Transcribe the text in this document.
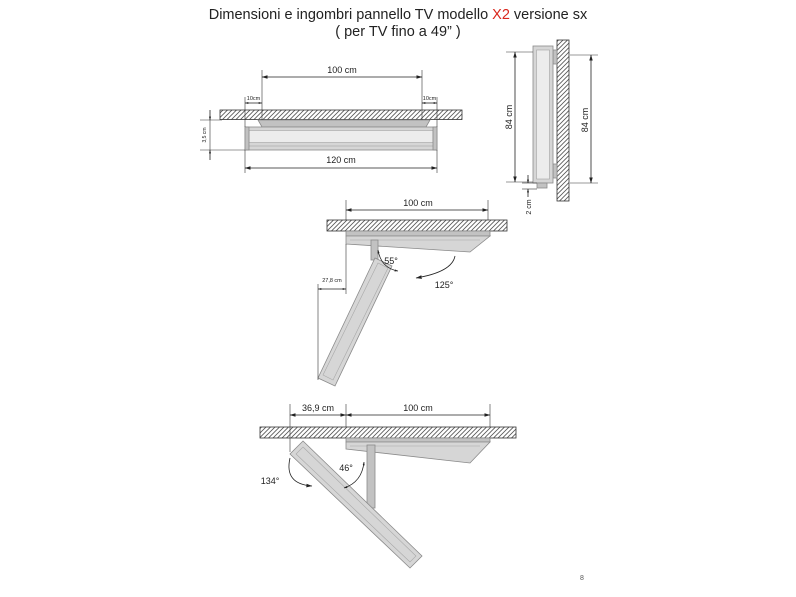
Dimensioni e ingombri pannello TV modello X2 versione sx
( per TV fino a 49” )
100 cm
10cm	10cm
120 cm
3,5 cm
84 cm	84 cm
2 cm
100 cm
27,8 cm
55°
125°
36,9 cm	100 cm
46°
134°
8
